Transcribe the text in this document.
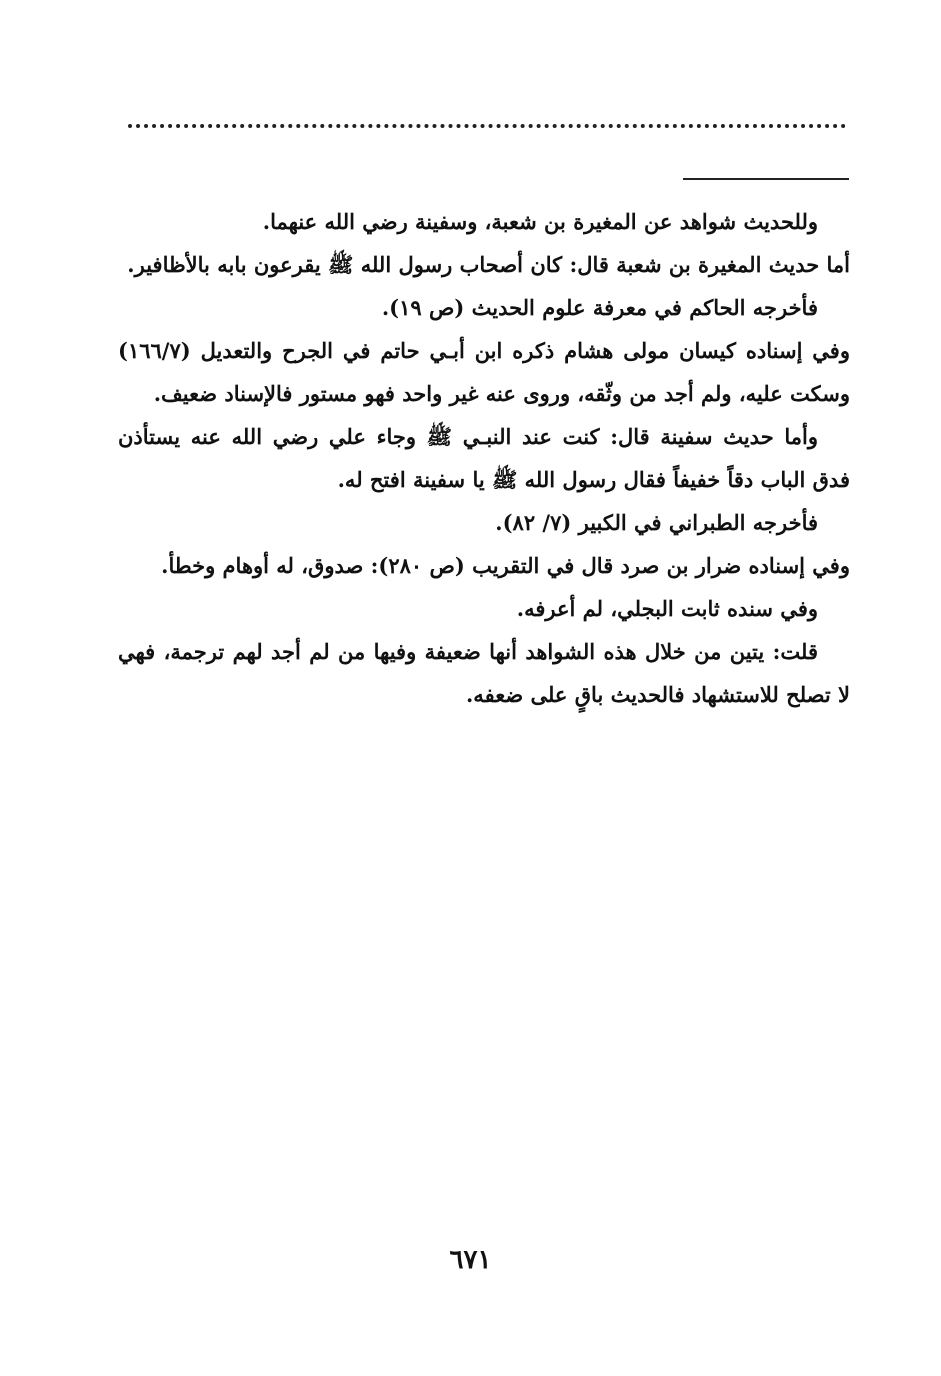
وللحديث شواهد عن المغيرة بن شعبة، وسفينة رضي الله عنهما.

أما حديث المغيرة بن شعبة قال: كان أصحاب رسول الله ﷺ يقرعون بابه بالأظافير.

فأخرجه الحاكم في معرفة علوم الحديث (ص ١٩).

وفي إسناده كيسان مولى هشام ذكره ابن أبـي حاتم في الجرح والتعديل (١٦٦/٧) وسكت عليه، ولم أجد من وثّقه، وروى عنه غير واحد فهو مستور فالإسناد ضعيف.

وأما حديث سفينة قال: كنت عند النبـي ﷺ وجاء علي رضي الله عنه يستأذن فدق الباب دقاً خفيفاً فقال رسول الله ﷺ يا سفينة افتح له.

فأخرجه الطبراني في الكبير (٧/ ٨٢).

وفي إسناده ضرار بن صرد قال في التقريب (ص ٢٨٠): صدوق، له أوهام وخطأ.

وفي سنده ثابت البجلي، لم أعرفه.

قلت: يتين من خلال هذه الشواهد أنها ضعيفة وفيها من لم أجد لهم ترجمة، فهي لا تصلح للاستشهاد فالحديث باقٍ على ضعفه.

٦٧١
